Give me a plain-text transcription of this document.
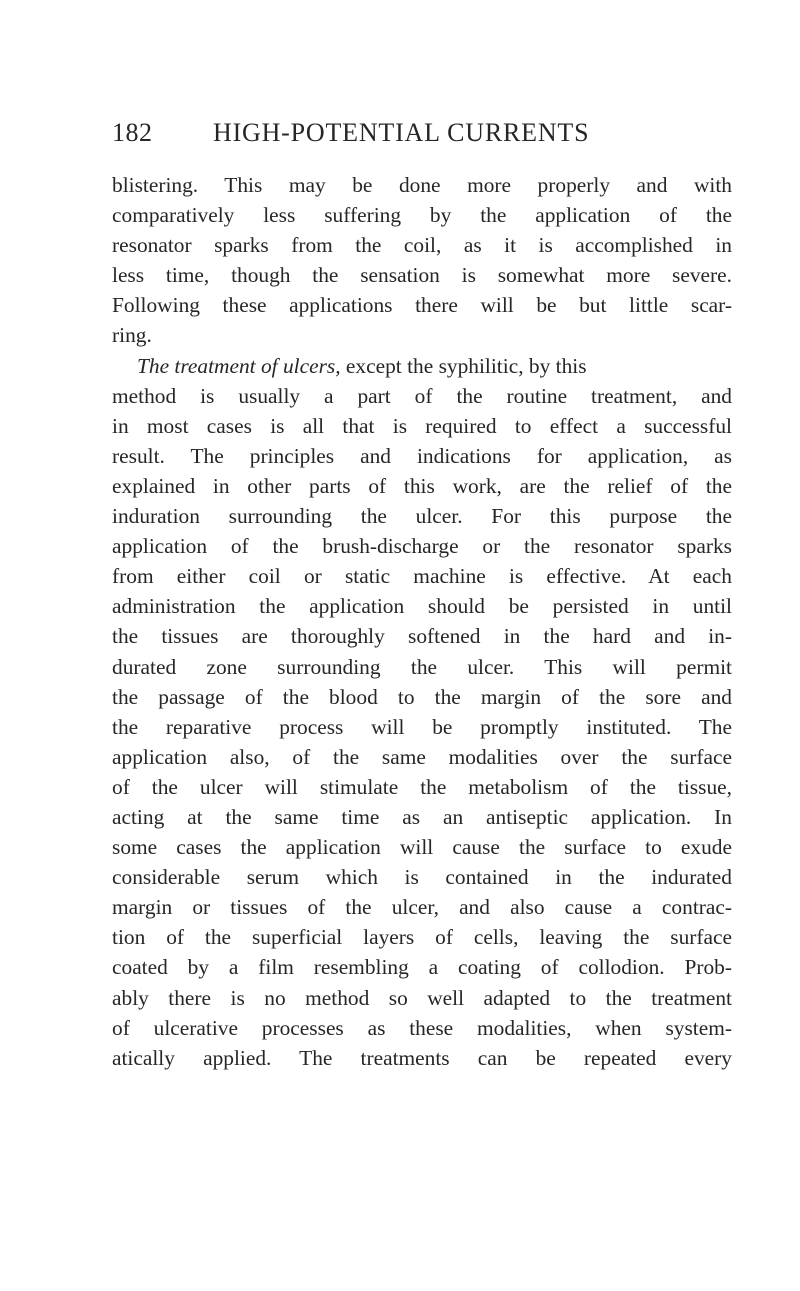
182 HIGH-POTENTIAL CURRENTS
blistering. This may be done more properly and with
comparatively less suffering by the application of the
resonator sparks from the coil, as it is accomplished in
less time, though the sensation is somewhat more severe.
Following these applications there will be but little scar-
ring.
The treatment of ulcers, except the syphilitic, by this
method is usually a part of the routine treatment, and
in most cases is all that is required to effect a successful
result. The principles and indications for application, as
explained in other parts of this work, are the relief of the
induration surrounding the ulcer. For this purpose the
application of the brush-discharge or the resonator sparks
from either coil or static machine is effective. At each
administration the application should be persisted in until
the tissues are thoroughly softened in the hard and in-
durated zone surrounding the ulcer. This will permit
the passage of the blood to the margin of the sore and
the reparative process will be promptly instituted. The
application also, of the same modalities over the surface
of the ulcer will stimulate the metabolism of the tissue,
acting at the same time as an antiseptic application. In
some cases the application will cause the surface to exude
considerable serum which is contained in the indurated
margin or tissues of the ulcer, and also cause a contrac-
tion of the superficial layers of cells, leaving the surface
coated by a film resembling a coating of collodion. Prob-
ably there is no method so well adapted to the treatment
of ulcerative processes as these modalities, when system-
atically applied. The treatments can be repeated every
